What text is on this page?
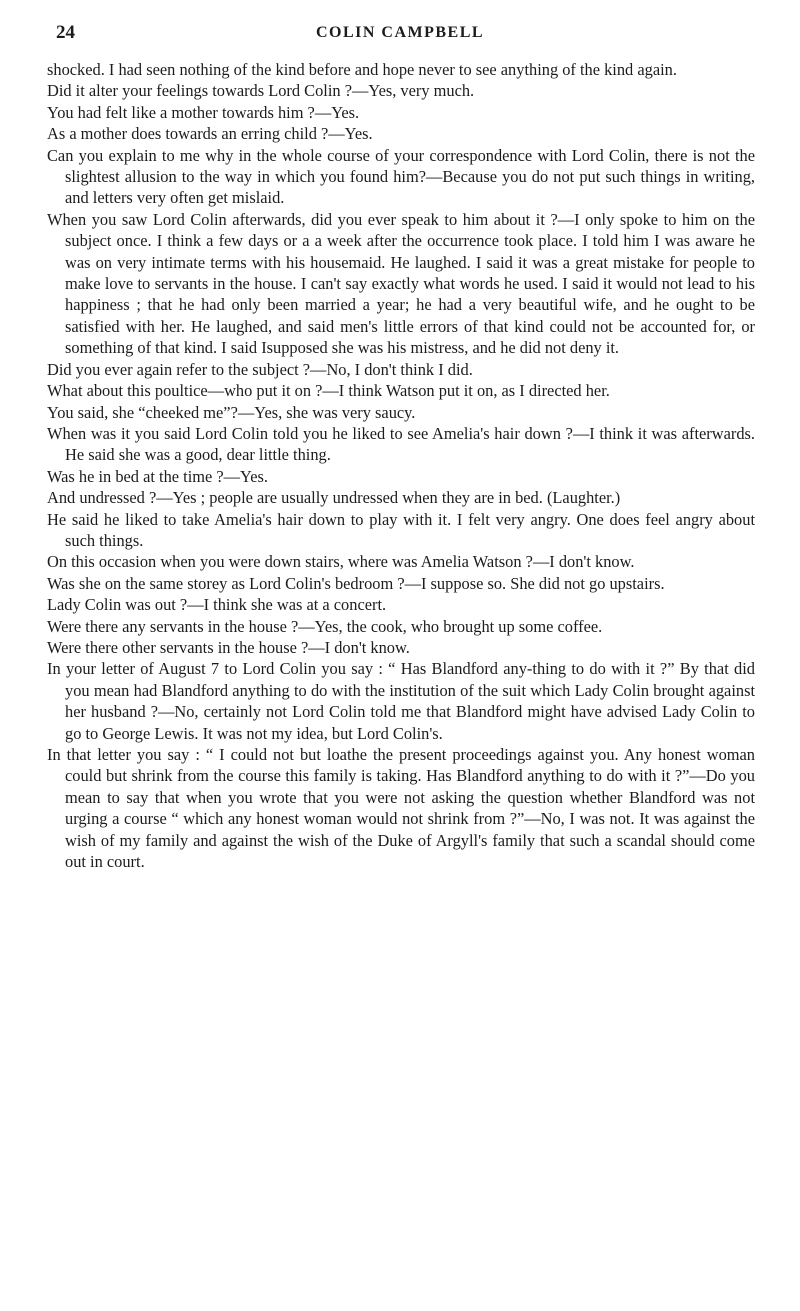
24	COLIN CAMPBELL

shocked. I had seen nothing of the kind before and hope never to see anything of the kind again.

Did it alter your feelings towards Lord Colin ?—Yes, very much.

You had felt like a mother towards him ?—Yes.

As a mother does towards an erring child ?—Yes.

Can you explain to me why in the whole course of your correspondence with Lord Colin, there is not the slightest allusion to the way in which you found him?—Because you do not put such things in writing, and letters very often get mislaid.

When you saw Lord Colin afterwards, did you ever speak to him about it ?—I only spoke to him on the subject once. I think a few days or a a week after the occurrence took place. I told him I was aware he was on very intimate terms with his housemaid. He laughed. I said it was a great mistake for people to make love to servants in the house. I can't say exactly what words he used. I said it would not lead to his happiness ; that he had only been married a year; he had a very beautiful wife, and he ought to be satisfied with her. He laughed, and said men's little errors of that kind could not be accounted for, or something of that kind. I said Isupposed she was his mistress, and he did not deny it.

Did you ever again refer to the subject ?—No, I don't think I did.

What about this poultice—who put it on ?—I think Watson put it on, as I directed her.

You said, she “cheeked me”?—Yes, she was very saucy.

When was it you said Lord Colin told you he liked to see Amelia's hair down ?—I think it was afterwards. He said she was a good, dear little thing.

Was he in bed at the time ?—Yes.

And undressed ?—Yes ; people are usually undressed when they are in bed. (Laughter.)

He said he liked to take Amelia's hair down to play with it. I felt very angry. One does feel angry about such things.

On this occasion when you were down stairs, where was Amelia Watson ?—I don't know.

Was she on the same storey as Lord Colin's bedroom ?—I suppose so. She did not go upstairs.

Lady Colin was out ?—I think she was at a concert.

Were there any servants in the house ?—Yes, the cook, who brought up some coffee.

Were there other servants in the house ?—I don't know.

In your letter of August 7 to Lord Colin you say : “ Has Blandford any-thing to do with it ?” By that did you mean had Blandford anything to do with the institution of the suit which Lady Colin brought against her husband ?—No, certainly not Lord Colin told me that Blandford might have advised Lady Colin to go to George Lewis. It was not my idea, but Lord Colin's.

In that letter you say : “ I could not but loathe the present proceedings against you. Any honest woman could but shrink from the course this family is taking. Has Blandford anything to do with it ?”—Do you mean to say that when you wrote that you were not asking the question whether Blandford was not urging a course “ which any honest woman would not shrink from ?”—No, I was not. It was against the wish of my family and against the wish of the Duke of Argyll's family that such a scandal should come out in court.
